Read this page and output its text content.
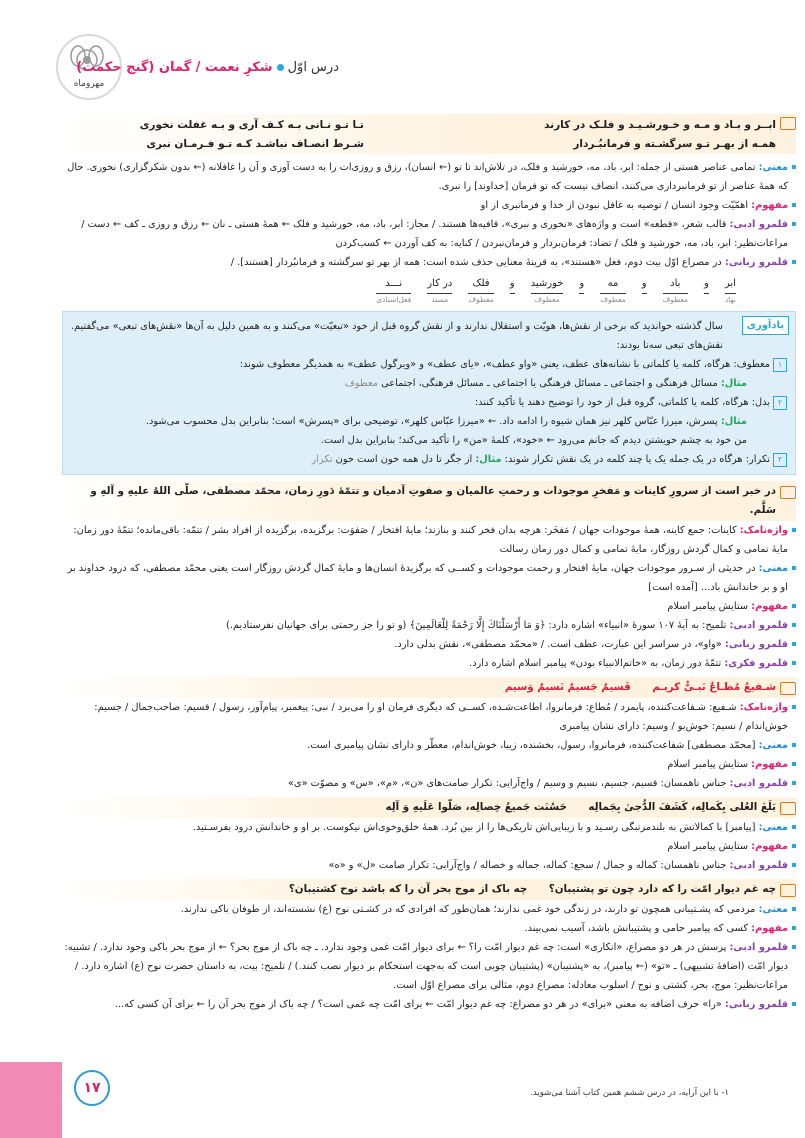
مهروماه
درس اوّلشکرِ نعمت / گمان (گنج حکمت)
ابــر و بـاد و مـه و خـورشـیـد و فلـک در کارند
تـا تـو نـانی بـه کـف آری و بـه غفلت نخوری
همـه از بهـر تـو سرگشـته و فرمانبُـردار
شـرط انصـاف نباشـد کـه تـو فـرمـان نبری

معنی: تمامی عناصر هستی از جمله: ابر، باد، مه، خورشید و فلک، در تلاش‌اند تا تو (← انسان)، رزق و روزی‌ات را به دست آوری و آن را غافلانه (← بدون شکرگزاری) نخوری. حال که همهٔ عناصر از تو فرمانبرداری می‌کنند، انصاف نیست که تو فرمان [خداوند] را نبری.

مفهوم: اهمّیّت وجود انسان / توصیه به غافل نبودن از خدا و فرمانبری از او

قلمرو ادبی: قالب شعر، «قطعه» است و واژه‌های «نخوری و نبری»، قافیه‌ها هستند. / مجاز: ابر، باد، مه، خورشید و فلک ← همهٔ هستی ـ نان ← رزق و روزی ـ کف ← دست / مراعات‌نظیر: ابر، باد، مه، خورشید و فلک / تضاد: فرمان‌بردار و فرمان‌نبردن / کنایه: به کف آوردن ← کسب‌کردن

قلمرو زبانی: در مصراع اوّل بیت دوم، فعل «هستند»، به قرینهٔ معنایی حذف شده است: همه از بهر تو سرگشته و فرمانبُردار [هستند]. /

ابر
نهاد
و
باد
معطوف
و
مه
معطوف
و
خورشید
معطوف
و
فلک
معطوف
در کار
مسند
نـــد
فعل‌اسنادی
یادآوری

سال گذشته خواندید که برخی از نقش‌ها، هویّت و استقلال ندارند و از نقش گروه قبل از خود «تبعیّت» می‌کنند و به همین دلیل به آن‌ها «نقش‌های تبعی» می‌گفتیم. نقش‌های تبعی سه‌تا بودند:

۱معطوف: هرگاه، کلمه یا کلماتی با نشانه‌های عطف، یعنی «واو عطف»، «یای عطف» و «ویرگول عطف» به همدیگر معطوف شوند:

مثال: مسائل فرهنگی و اجتماعی ـ مسائل فرهنگی یا اجتماعی ـ مسائل فرهنگی، اجتماعی معطوف

۲بدل: هرگاه، کلمه یا کلماتی، گروه قبل از خود را توضیح دهند یا تأکید کنند:

مثال: پسرش، میرزا عبّاس کلهر نیز همان شیوه را ادامه داد. ← «میرزا عبّاس کلهر»، توضیحی برای «پسرش» است؛ بنابراین بدل محسوب می‌شود.

من خود به چشم خویشتن دیدم که جانم می‌رود ← «خود»، کلمهٔ «من» را تأکید می‌کند؛ بنابراین بدل است.

۳تکرار: هرگاه در یک جمله یک یا چند کلمه در یک نقش تکرار شوند: مثال: از جگر تا دل همه خون است خون تکرار

در خبر است از سرورِ کاینات و مَفخرِ موجودات و رحمتِ عالمیان و صفوتِ آدمیان و تتمّهٔ دَورِ زمان، محمّد مصطفی، صلّی اللهُ علیهِ و آلهِ و سَلَّم.

واژه‌نامک: کاینات: جمع کاینه، همهٔ موجودات جهان / مَفخَر: هرچه بدان فخر کنند و بنازند؛ مایهٔ افتخار / صَفوَت: برگزیده، برگزیده از افراد بشر / تتمّه: باقی‌مانده؛ تتمّهٔ دور زمان: مایهٔ تمامی و کمال گردش روزگار، مایهٔ تمامی و کمال دور زمان رسالت

معنی: در حدیثی از سـرور موجودات جهان، مایهٔ افتخار و رحمت موجودات و کســی که برگزیدهٔ انسان‌ها و مایهٔ کمال گردش روزگار است یعنی محمّد مصطفی، که درود خداوند بر او و بر خاندانش باد... [آمده است]

مفهوم: ستایش پیامبر اسلام

قلمرو ادبی: تلمیح: به آیهٔ ۱۰۷ سورهٔ «انبیاء» اشاره دارد: ﴿وَ مَا أَرْسَلْنَاكَ إِلَّا رَحْمَةً لِلْعَالَمِينَ﴾ (و تو را جز رحمتی برای جهانیان نفرستادیم.)

قلمرو زبانی: «واو»، در سراسر این عبارت، عطف است. / «محمّد مصطفی»، نقش بدلی دارد.

قلمرو فکری: تتمّهٔ دور زمان، به «خاتم‌الانبیاء بودن» پیامبر اسلام اشاره دارد.

شـفیعٌ مُطـاعٌ نَبـیٌّ کریـم      قَسیمٌ جَسیمٌ نَسیمٌ وَسیم

واژه‌نامک: شـفیع: شـفاعت‌کننده، پایمرد / مُطاع: فرمانروا، اطاعت‌شـده، کســی که دیگری فرمان او را می‌برد / نبی: پیغمبر، پیام‌آور، رسول / قسیم: صاحب‌جمال / جسیم: خوش‌اندام / نسیم: خوش‌بو / وسیم: دارای نشان پیامبری

معنی: [محمّد مصطفی] شفاعت‌کننده، فرمانروا، رسول، بخشنده، زیبا، خوش‌اندام، معطّر و دارای نشان پیامبری است.

مفهوم: ستایش پیامبر اسلام

قلمرو ادبی: جناس ناهمسان: قسیم، جسیم، نسیم و وسیم / واج‌آرایی: تکرار صامت‌های «ن»، «م»، «س» و مصوّت «ی»

بَلَغَ العُلی بِکَمالِه، کَشَفَ الدُّجیٰ بِجَمالِه      حَسُنَت جَمیعُ خِصالِه، صَلّوا عَلَیهِ وَ آلِه

معنی: [پیامبر] با کمالاتش به بلندمرتبگی رسـید و با زیبایی‌اش تاریکی‌ها را از بین بُرد. همهٔ خلق‌وخوی‌اش نیکوست. بر او و خاندانش درود بفرسـتید.

مفهوم: ستایش پیامبر اسلام

قلمرو ادبی: جناس ناهمسان: کماله و جمال / سجع: کماله، جماله و خصاله / واج‌آرایی: تکرار صامت «ل» و «ه»

چه غم دیوار امّت را که دارد چون تو پشتیبان؟      چه باک از موج بحر آن را که باشد نوح کشتیبان؟

معنی: مردمی که پشـتیبانی همچون تو دارند، در زندگی خود غمی ندارند؛ همان‌طور که افرادی که در کشـتی نوح (ع) نشسته‌اند، از طوفان باکی ندارند.

مفهوم: کسی که پیامبر حامی و پشتیبانش باشد، آسیب نمی‌بیند.

قلمرو ادبی: پرسش در هر دو مصراع، «انکاری» است: چه غم دیوار امّت را؟ ← برای دیوار امّت غمی وجود ندارد. ـ چه باک از موج بحر؟ ← از موج بحر باکی وجود ندارد. / تشبیه: دیوار امّت (اضافهٔ تشبیهی) ـ «تو» (← پیامبر)، به «پشتیبان» (پشتیبان چوبی است که به‌جهت استحکام بر دیوار نصب کنند.) / تلمیح: بیت، به داستان حضرت نوح (ع) اشاره دارد. / مراعات‌نظیر: موج، بحر، کشتی و نوح / اسلوب معادله: مصراع دوم، مثالی برای مصراع اوّل است.

قلمرو زبانی: «را» حرف اضافه به معنی «برای» در هر دو مصراع: چه غم دیوار امّت ← برای امّت چه غمی است؟ / چه باک از موج بحر آن را ← برای آن کسی که...

۱۷	۱- با این آرایه، در درس ششم همین کتاب آشنا می‌شوید.
